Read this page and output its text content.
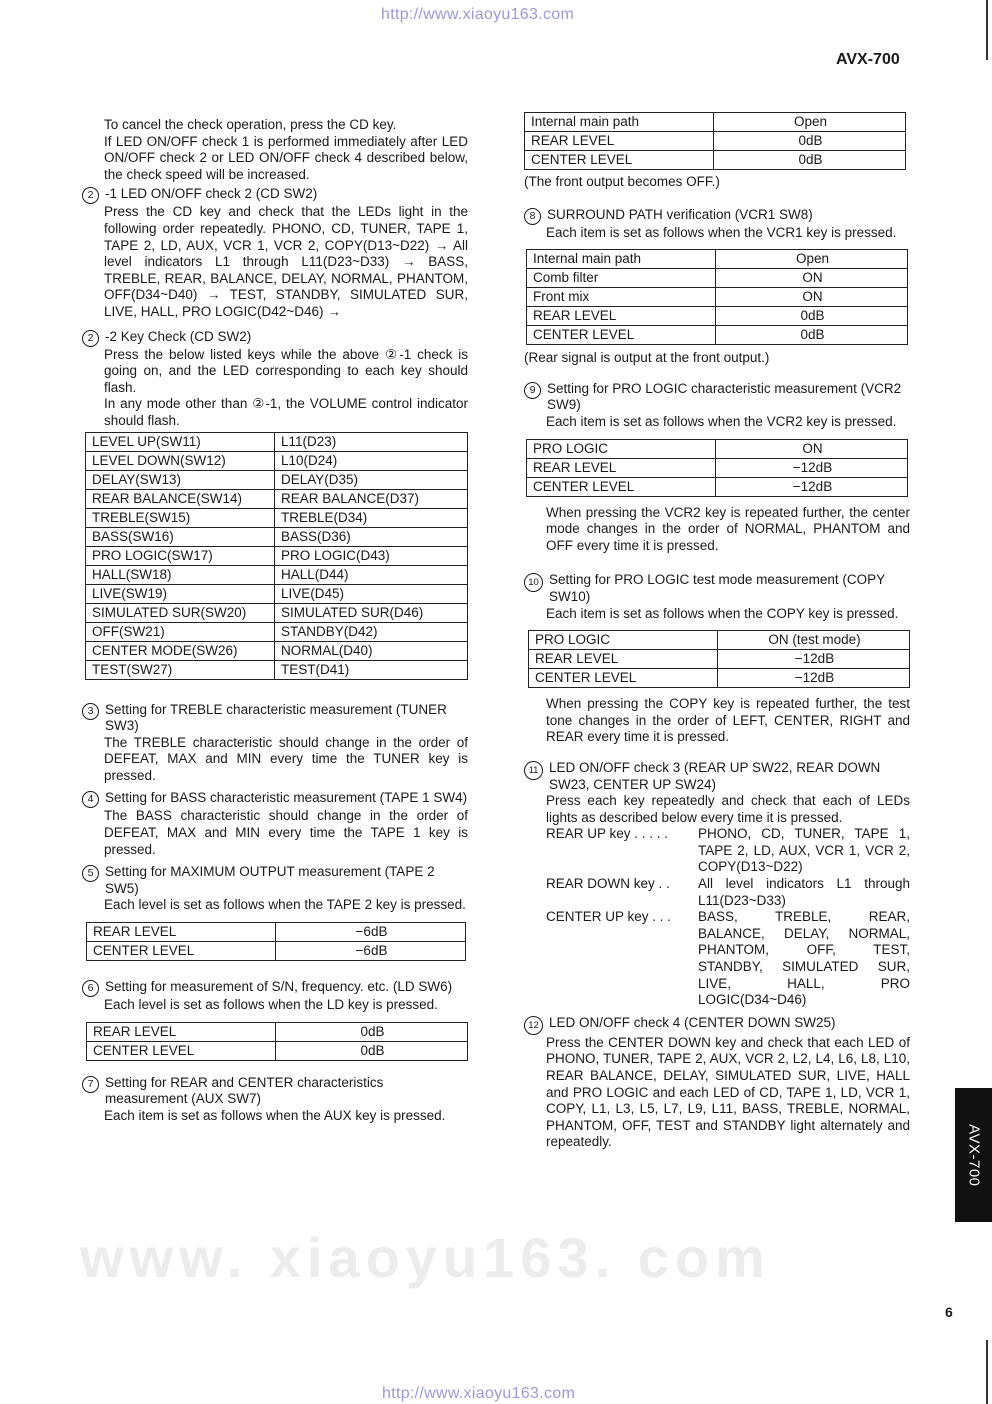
www. xiaoyu163. com
http://www.xiaoyu163.com
AVX-700
http://www.xiaoyu163.com
6
AVX-700

To cancel the check operation, press the CD key.

If LED ON/OFF check 1 is performed immediately after LED ON/OFF check 2 or LED ON/OFF check 4 described below, the check speed will be increased.

2 -1 LED ON/OFF check 2 (CD SW2)

Press the CD key and check that the LEDs light in the following order repeatedly. PHONO, CD, TUNER, TAPE 1, TAPE 2, LD, AUX, VCR 1, VCR 2, COPY(D13~D22) → All level indicators L1 through L11(D23~D33) → BASS, TREBLE, REAR, BALANCE, DELAY, NORMAL, PHANTOM, OFF(D34~D40) → TEST, STANDBY, SIMULATED SUR, LIVE, HALL, PRO LOGIC(D42~D46) →

2 -2 Key Check (CD SW2)

Press the below listed keys while the above ②-1 check is going on, and the LED corresponding to each key should flash.

In any mode other than ②-1, the VOLUME control indicator should flash.

LEVEL UP(SW11)	L11(D23)
LEVEL DOWN(SW12)	L10(D24)
DELAY(SW13)	DELAY(D35)
REAR BALANCE(SW14)	REAR BALANCE(D37)
TREBLE(SW15)	TREBLE(D34)
BASS(SW16)	BASS(D36)
PRO LOGIC(SW17)	PRO LOGIC(D43)
HALL(SW18)	HALL(D44)
LIVE(SW19)	LIVE(D45)
SIMULATED SUR(SW20)	SIMULATED SUR(D46)
OFF(SW21)	STANDBY(D42)
CENTER MODE(SW26)	NORMAL(D40)
TEST(SW27)	TEST(D41)
3 Setting for TREBLE characteristic measurement (TUNER SW3)

The TREBLE characteristic should change in the order of DEFEAT, MAX and MIN every time the TUNER key is pressed.

4 Setting for BASS characteristic measurement (TAPE 1 SW4)

The BASS characteristic should change in the order of DEFEAT, MAX and MIN every time the TAPE 1 key is pressed.

5 Setting for MAXIMUM OUTPUT measurement (TAPE 2 SW5)

Each level is set as follows when the TAPE 2 key is pressed.

REAR LEVEL	−6dB
CENTER LEVEL	−6dB
6 Setting for measurement of S/N, frequency. etc. (LD SW6)

Each level is set as follows when the LD key is pressed.

REAR LEVEL	0dB
CENTER LEVEL	0dB
7 Setting for REAR and CENTER characteristics measurement (AUX SW7)

Each item is set as follows when the AUX key is pressed.

Internal main path	Open
REAR LEVEL	0dB
CENTER LEVEL	0dB
(The front output becomes OFF.)
8 SURROUND PATH verification (VCR1 SW8)

Each item is set as follows when the VCR1 key is pressed.

Internal main path	Open
Comb filter	ON
Front mix	ON
REAR LEVEL	0dB
CENTER LEVEL	0dB
(Rear signal is output at the front output.)
9 Setting for PRO LOGIC characteristic measurement (VCR2 SW9)

Each item is set as follows when the VCR2 key is pressed.

PRO LOGIC	ON
REAR LEVEL	−12dB
CENTER LEVEL	−12dB

When pressing the VCR2 key is repeated further, the center mode changes in the order of NORMAL, PHANTOM and OFF every time it is pressed.

10 Setting for PRO LOGIC test mode measurement (COPY SW10)

Each item is set as follows when the COPY key is pressed.

PRO LOGIC	ON (test mode)
REAR LEVEL	−12dB
CENTER LEVEL	−12dB

When pressing the COPY key is repeated further, the test tone changes in the order of LEFT, CENTER, RIGHT and REAR every time it is pressed.

11 LED ON/OFF check 3 (REAR UP SW22, REAR DOWN SW23, CENTER UP SW24)

Press each key repeatedly and check that each of LEDs lights as described below every time it is pressed.

REAR UP key . . . . .	PHONO, CD, TUNER, TAPE 1, TAPE 2, LD, AUX, VCR 1, VCR 2, COPY(D13~D22)
REAR DOWN key . .	All level indicators L1 through L11(D23~D33)
CENTER UP key . . .	BASS, TREBLE, REAR, BALANCE, DELAY, NORMAL, PHANTOM, OFF, TEST, STANDBY, SIMULATED SUR, LIVE, HALL, PRO LOGIC(D34~D46)
12 LED ON/OFF check 4 (CENTER DOWN SW25)

Press the CENTER DOWN key and check that each LED of PHONO, TUNER, TAPE 2, AUX, VCR 2, L2, L4, L6, L8, L10, REAR BALANCE, DELAY, SIMULATED SUR, LIVE, HALL and PRO LOGIC and each LED of CD, TAPE 1, LD, VCR 1, COPY, L1, L3, L5, L7, L9, L11, BASS, TREBLE, NORMAL, PHANTOM, OFF, TEST and STANDBY light alternately and repeatedly.
